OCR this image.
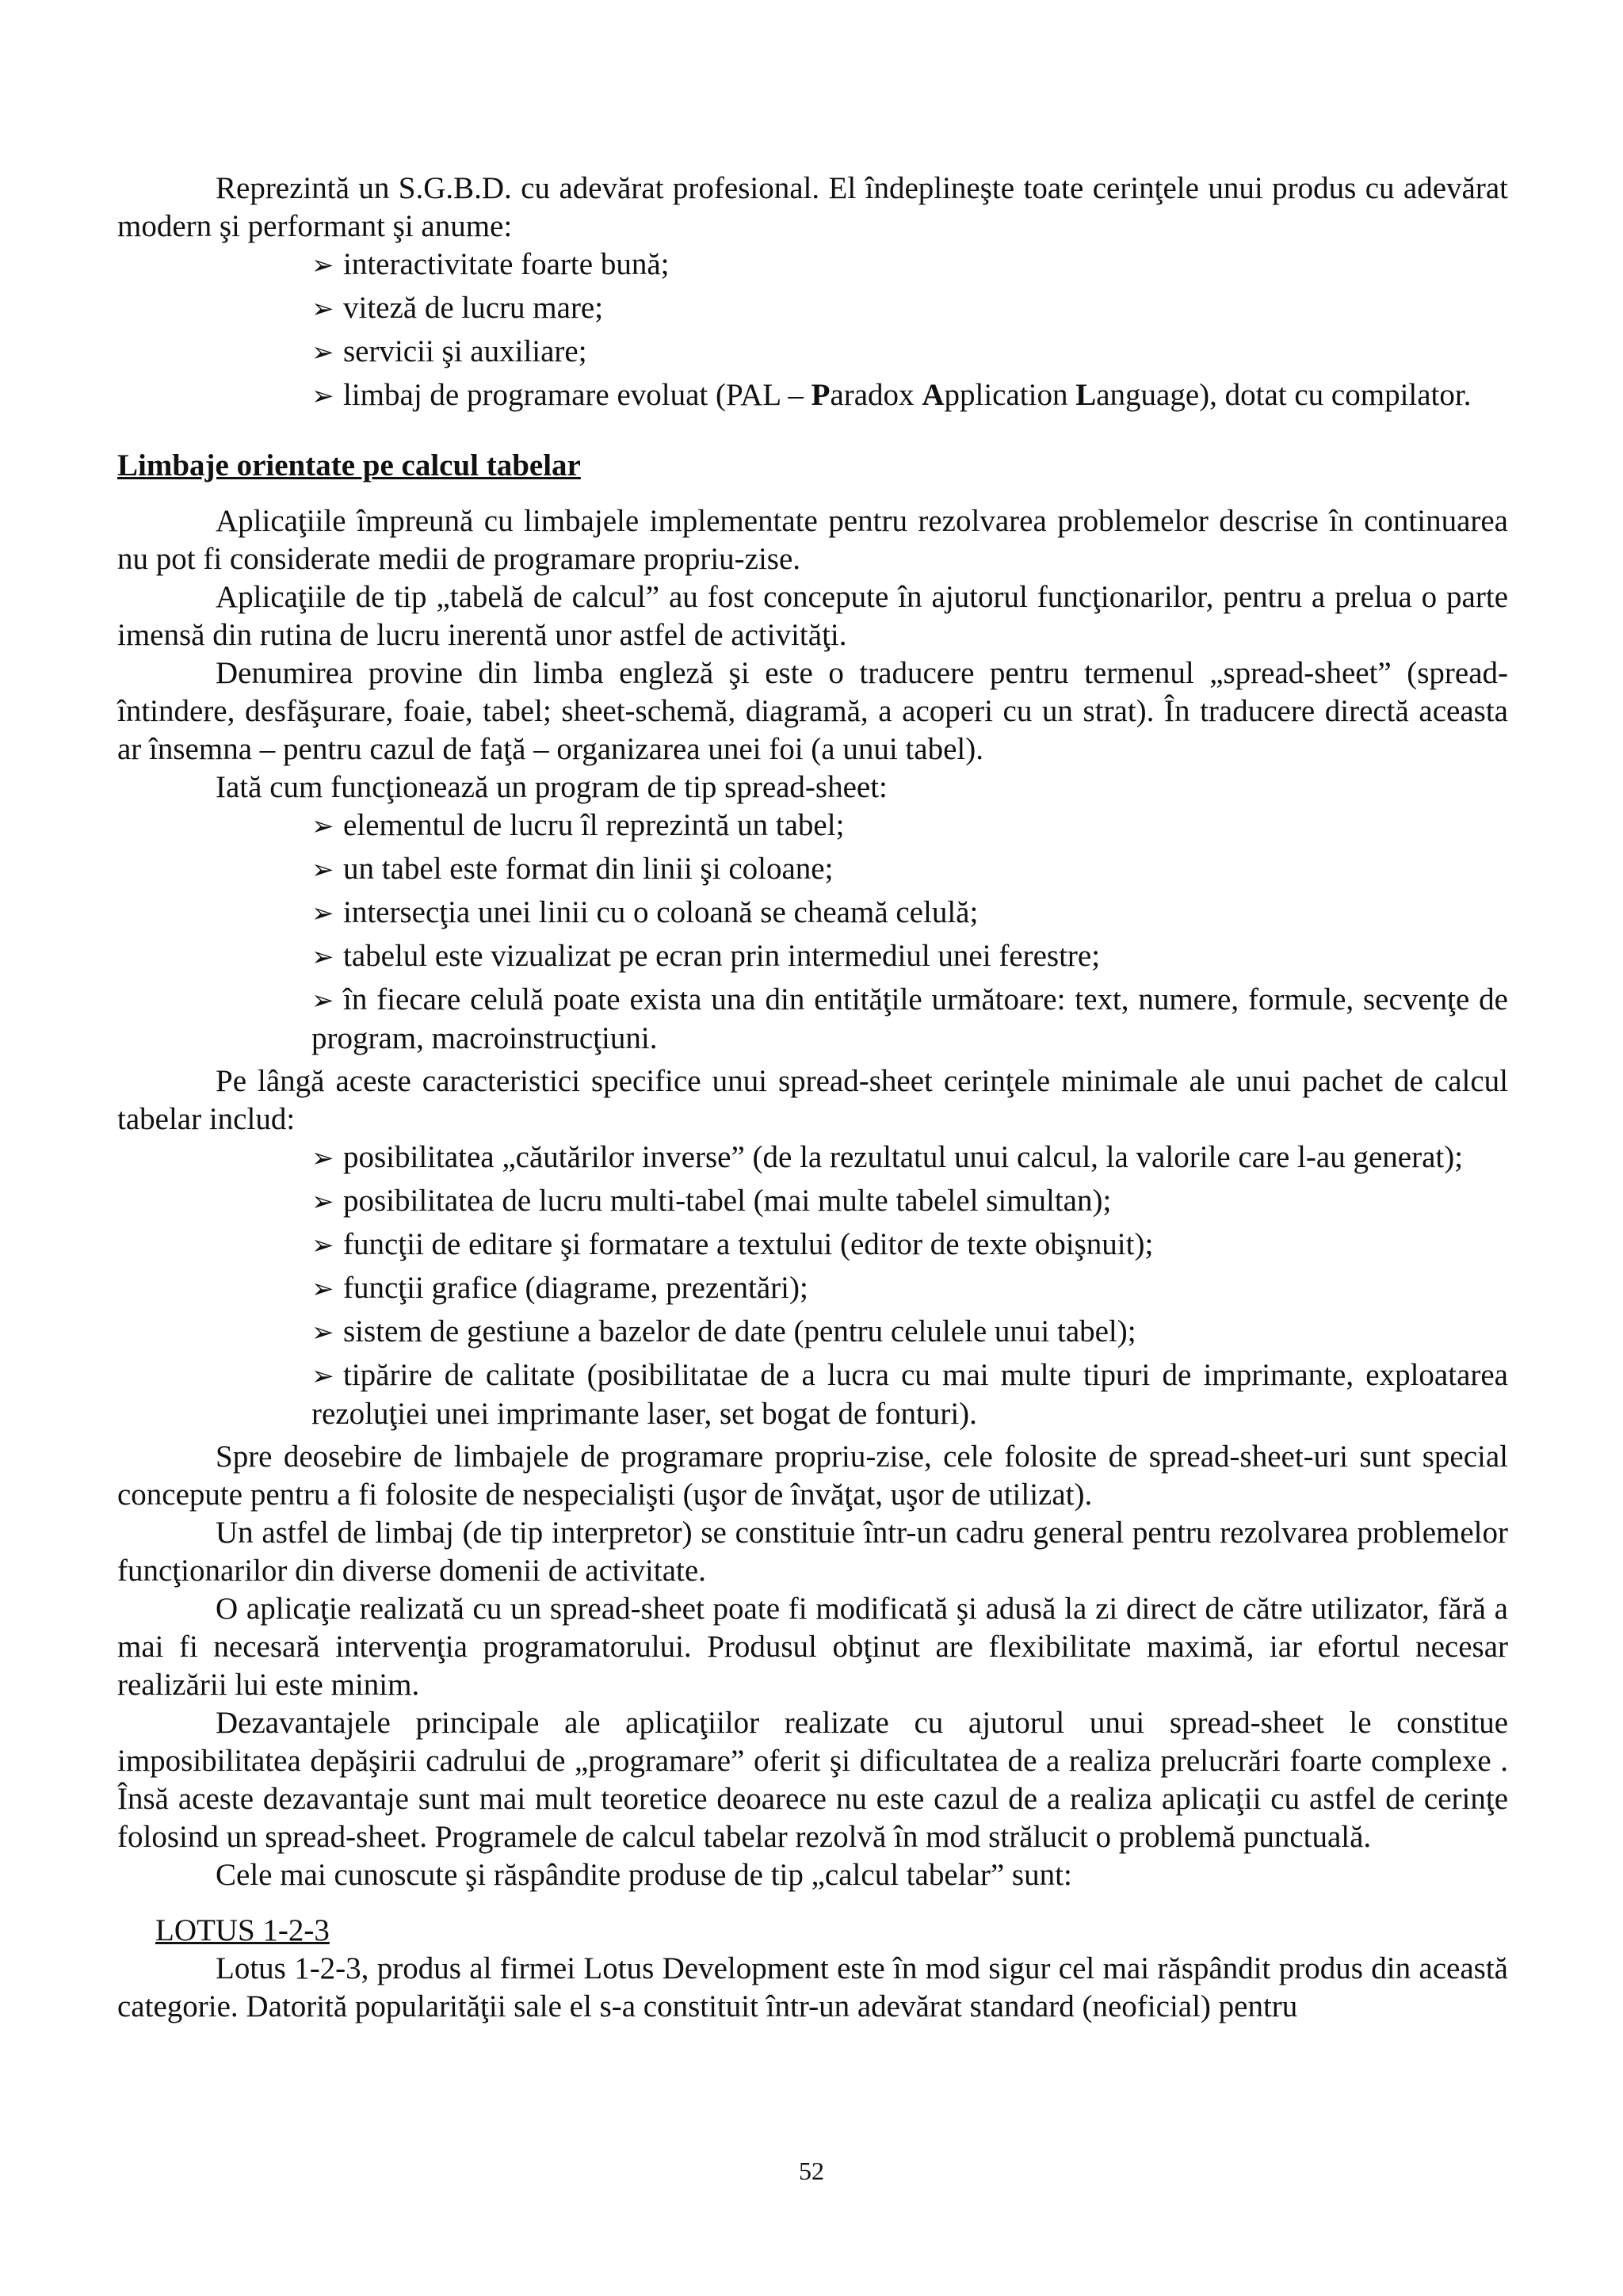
Reprezintă un S.G.B.D. cu adevărat profesional. El îndeplineşte toate cerinţele unui produs cu adevărat modern şi performant şi anume:

➢ interactivitate foarte bună;
➢ viteză de lucru mare;
➢ servicii şi auxiliare;
➢ limbaj de programare evoluat (PAL – Paradox Application Language), dotat cu compilator.
Limbaje orientate pe calcul tabelar

Aplicaţiile împreună cu limbajele implementate pentru rezolvarea problemelor descrise în continuarea nu pot fi considerate medii de programare propriu-zise.

Aplicaţiile de tip „tabelă de calcul” au fost concepute în ajutorul funcţionarilor, pentru a prelua o parte imensă din rutina de lucru inerentă unor astfel de activităţi.

Denumirea provine din limba engleză şi este o traducere pentru termenul „spread-sheet” (spread-întindere, desfăşurare, foaie, tabel; sheet-schemă, diagramă, a acoperi cu un strat). În traducere directă aceasta ar însemna – pentru cazul de faţă – organizarea unei foi (a unui tabel).

Iată cum funcţionează un program de tip spread-sheet:

➢ elementul de lucru îl reprezintă un tabel;
➢ un tabel este format din linii şi coloane;
➢ intersecţia unei linii cu o coloană se cheamă celulă;
➢ tabelul este vizualizat pe ecran prin intermediul unei ferestre;
➢ în fiecare celulă poate exista una din entităţile următoare: text, numere, formule, secvenţe de program, macroinstrucţiuni.

Pe lângă aceste caracteristici specifice unui spread-sheet cerinţele minimale ale unui pachet de calcul tabelar includ:

➢ posibilitatea „căutărilor inverse” (de la rezultatul unui calcul, la valorile care l-au generat);
➢ posibilitatea de lucru multi-tabel (mai multe tabelel simultan);
➢ funcţii de editare şi formatare a textului (editor de texte obişnuit);
➢ funcţii grafice (diagrame, prezentări);
➢ sistem de gestiune a bazelor de date (pentru celulele unui tabel);
➢ tipărire de calitate (posibilitatae de a lucra cu mai multe tipuri de imprimante, exploatarea rezoluţiei unei imprimante laser, set bogat de fonturi).

Spre deosebire de limbajele de programare propriu-zise, cele folosite de spread-sheet-uri sunt special concepute pentru a fi folosite de nespecialişti (uşor de învăţat, uşor de utilizat).

Un astfel de limbaj (de tip interpretor) se constituie într-un cadru general pentru rezolvarea problemelor funcţionarilor din diverse domenii de activitate.

O aplicaţie realizată cu un spread-sheet poate fi modificată şi adusă la zi direct de către utilizator, fără a mai fi necesară intervenţia programatorului. Produsul obţinut are flexibilitate maximă, iar efortul necesar realizării lui este minim.

Dezavantajele principale ale aplicaţiilor realizate cu ajutorul unui spread-sheet le constitue imposibilitatea depăşirii cadrului de „programare” oferit şi dificultatea de a realiza prelucrări foarte complexe . Însă aceste dezavantaje sunt mai mult teoretice deoarece nu este cazul de a realiza aplicaţii cu astfel de cerinţe folosind un spread-sheet. Programele de calcul tabelar rezolvă în mod strălucit o problemă punctuală.

Cele mai cunoscute şi răspândite produse de tip „calcul tabelar” sunt:

LOTUS 1-2-3

Lotus 1-2-3, produs al firmei Lotus Development este în mod sigur cel mai răspândit produs din această categorie. Datorită popularităţii sale el s-a constituit într-un adevărat standard (neoficial) pentru

52
